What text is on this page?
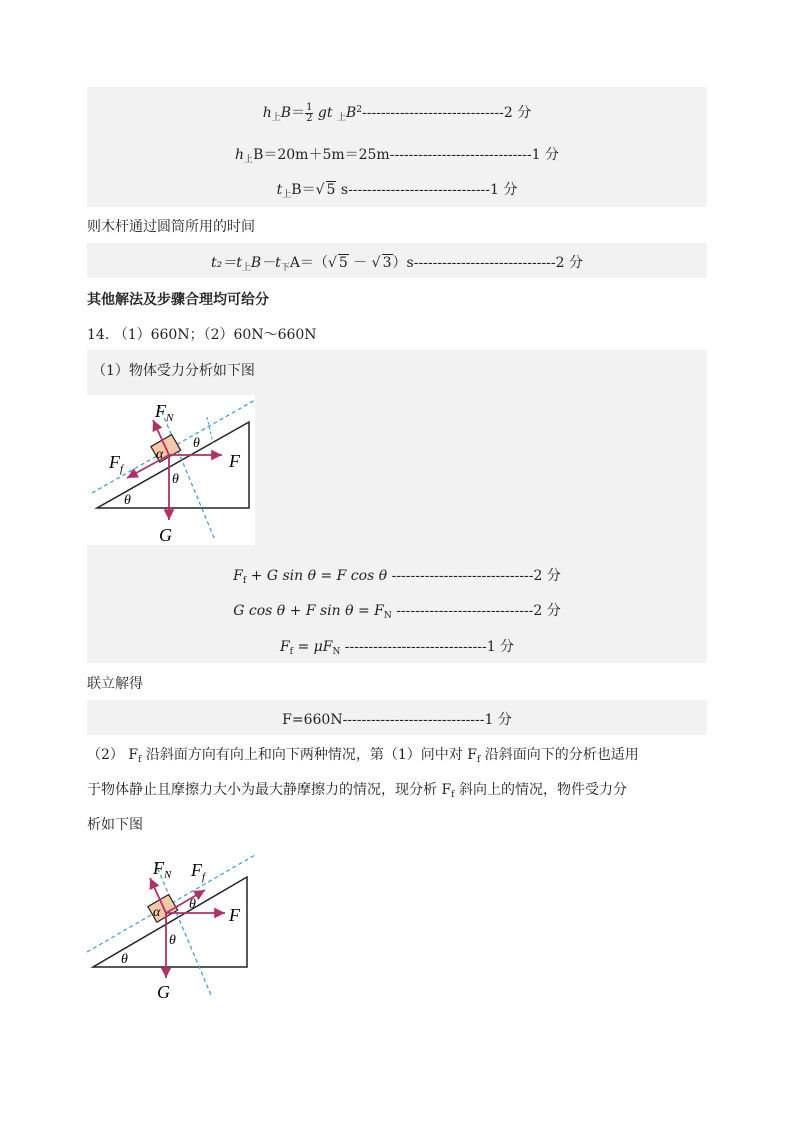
$h_上B= \frac{1}{2}$ gt $_上B^2------------------------------2$ 分
$h_上B=20m+5m=25m------------------------------1$ 分
$t_上B=√$ 5 s------------------------------1 分
则木杆通过圆筒所用的时间
$t_2=t_上B-t_下A=(√$ 5 － √ 3）s------------------------------2 分
其他解法及步骤合理均可给分
14. （1）660N；（2）60N～660N
（1）物体受力分析如下图
$F_N$
$F_f$	F
G
θ
θ
θ
α
$F_f + G$ sin θ = F cos θ ------------------------------2 分
G cos θ + F $\sin \theta = F_N$ -----------------------------2 分
$F_f = \mu F_N$ ------------------------------1 分
联立解得
F=660N------------------------------1 分
（2） $F_f$ 沿斜面方向有向上和向下两种情况，第（1）问中对 $F_f$ 沿斜面向下的分析也适用
于物体静止且摩擦力大小为最大静摩擦力的情况，现分析 $F_f$ 斜向上的情况，物件受力分
析如下图
$F_N$ $F_f$
F
G
θ
θ
θ
α
